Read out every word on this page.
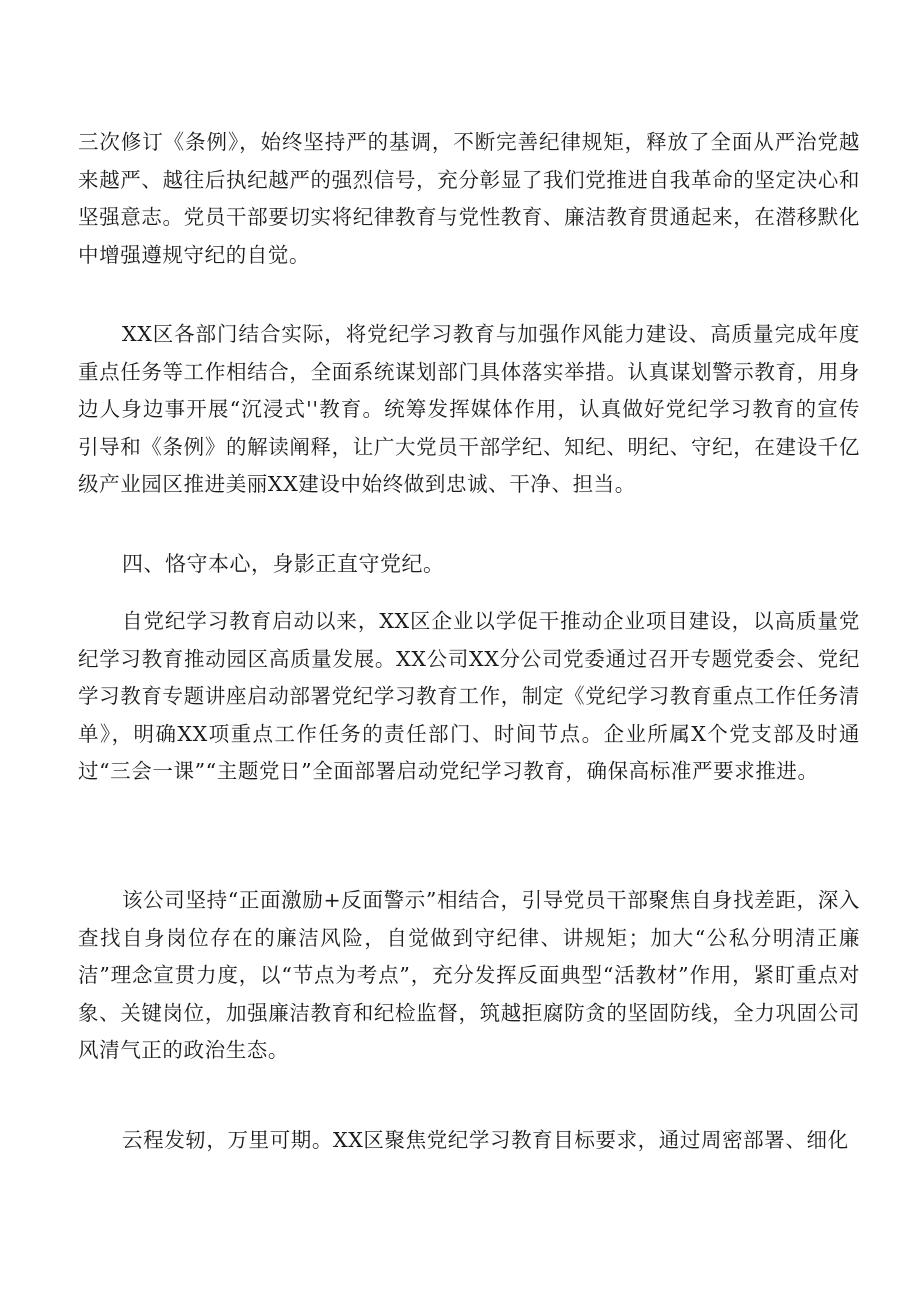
三次修订《条例》，始终坚持严的基调，不断完善纪律规矩，释放了全面从严治党越来越严、越往后执纪越严的强烈信号，充分彰显了我们党推进自我革命的坚定决心和坚强意志。党员干部要切实将纪律教育与党性教育、廉洁教育贯通起来，在潜移默化中增强遵规守纪的自觉。

XX区各部门结合实际，将党纪学习教育与加强作风能力建设、高质量完成年度重点任务等工作相结合，全面系统谋划部门具体落实举措。认真谋划警示教育，用身边人身边事开展“沉浸式''教育。统筹发挥媒体作用，认真做好党纪学习教育的宣传引导和《条例》的解读阐释，让广大党员干部学纪、知纪、明纪、守纪，在建设千亿级产业园区推进美丽XX建设中始终做到忠诚、干净、担当。

四、恪守本心，身影正直守党纪。

自党纪学习教育启动以来，XX区企业以学促干推动企业项目建设，以高质量党纪学习教育推动园区高质量发展。XX公司XX分公司党委通过召开专题党委会、党纪学习教育专题讲座启动部署党纪学习教育工作，制定《党纪学习教育重点工作任务清单》，明确XX项重点工作任务的责任部门、时间节点。企业所属X个党支部及时通过“三会一课”“主题党日”全面部署启动党纪学习教育，确保高标准严要求推进。

该公司坚持“正面激励+反面警示”相结合，引导党员干部聚焦自身找差距，深入查找自身岗位存在的廉洁风险，自觉做到守纪律、讲规矩；加大“公私分明清正廉洁”理念宣贯力度，以“节点为考点”，充分发挥反面典型“活教材”作用，紧盯重点对象、关键岗位，加强廉洁教育和纪检监督，筑越拒腐防贪的坚固防线，全力巩固公司风清气正的政治生态。

云程发轫，万里可期。XX区聚焦党纪学习教育目标要求，通过周密部署、细化
